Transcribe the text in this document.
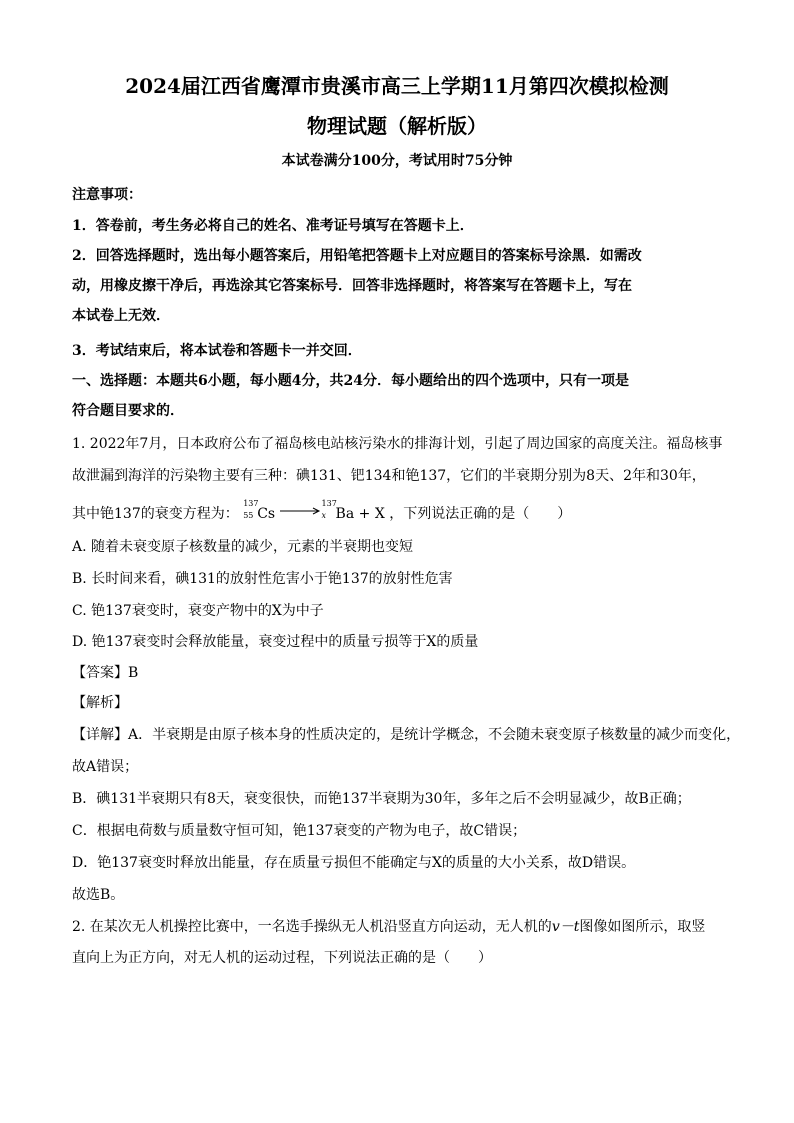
2024届江西省鹰潭市贵溪市高三上学期11月第四次模拟检测
物理试题（解析版）
本试卷满分100分，考试用时75分钟
注意事项：
1．答卷前，考生务必将自己的姓名、准考证号填写在答题卡上．
2．回答选择题时，选出每小题答案后，用铅笔把答题卡上对应题目的答案标号涂黑．如需改
动，用橡皮擦干净后，再选涂其它答案标号．回答非选择题时，将答案写在答题卡上，写在
本试卷上无效．
3．考试结束后，将本试卷和答题卡一并交回．
一、选择题：本题共6小题，每小题4分，共24分．每小题给出的四个选项中，只有一项是
符合题目要求的．
1. 2022年7月，日本政府公布了福岛核电站核污染水的排海计划，引起了周边国家的高度关注。福岛核事
故泄漏到海洋的污染物主要有三种：碘131、钯134和铯137，它们的半衰期分别为8天、2年和30年，
其中铯137的衰变方程为：
137
55 Cs →
137
x Ba + X ，下列说法正确的是（　　）
A. 随着未衰变原子核数量的减少，元素的半衰期也变短
B. 长时间来看，碘131的放射性危害小于铯137的放射性危害
C. 铯137衰变时，衰变产物中的X为中子
D. 铯137衰变时会释放能量，衰变过程中的质量亏损等于X的质量
【答案】B
【解析】
【详解】A．半衰期是由原子核本身的性质决定的，是统计学概念，不会随未衰变原子核数量的减少而变化，
故A错误；
B．碘131半衰期只有8天，衰变很快，而铯137半衰期为30年，多年之后不会明显减少，故B正确；
C．根据电荷数与质量数守恒可知，铯137衰变的产物为电子，故C错误；
D．铯137衰变时释放出能量，存在质量亏损但不能确定与X的质量的大小关系，故D错误。
故选B。
2. 在某次无人机操控比赛中，一名选手操纵无人机沿竖直方向运动，无人机的v－t图像如图所示，取竖
直向上为正方向，对无人机的运动过程，下列说法正确的是（　　）
